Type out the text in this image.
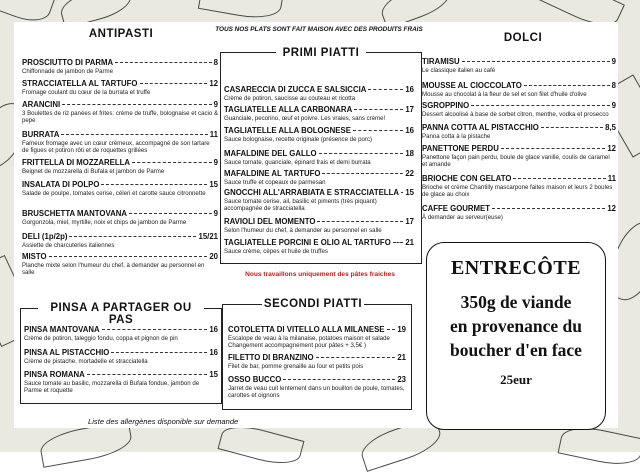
TOUS NOS PLATS SONT FAIT MAISON AVEC DES PRODUITS FRAIS
ANTIPASTI
PROSCIUTTO DI PARMA	8
Chiffonnade de jambon de Parme
STRACCIATELLA AL TARTUFO	12
Fromage coulant du cœur de la burrata et truffe
ARANCINI	9
3 Boulettes de riz panées et frites: crème de truffe, bolognaise et cacio & pepe
BURRATA	11
Fameux fromage avec un cœur crémeux, accompagné de son tartare de figues et potiron rôti et de roquettes grillées
FRITTELLA DI MOZZARELLA	9
Beignet de mozzarella di Bufala et jambon de Parme
INSALATA DI POLPO	15
Salade de poulpe, tomates cerise, céleri et carotte sauce citronnette
BRUSCHETTA MANTOVANA	9
Gorgonzola, miel, myrtille, noix et chips de jambon de Parme
DELI (1p/2p)	15/21
Assiette de charcuteries italiennes
MISTO	20
Planche mixte selon l'humeur du chef, à demander au personnel en salle
PRIMI PIATTI
CASARECCIA DI ZUCCA E SALSICCIA	16
Crème de potiron, saucisse au couteau et ricotta
TAGLIATELLE ALLA CARBONARA	17
Guanciale, pecorino, œuf et poivre. Les vraies, sans crème!
TAGLIATELLE ALLA BOLOGNESE	16
Sauce bolognaise, recette originale (présence de porc)
MAFALDINE DEL GALLO	18
Sauce tomate, guanciale, épinard frais et demi burrata
MAFALDINE AL TARTUFO	22
Sauce truffe et copeaux de parmesan
GNOCCHI ALL'ARRABIATA E STRACCIATELLA 15
Sauce tomate cerise, ail, basilic et piments (très piquant) accompagnée de stracciatella
RAVIOLI DEL MOMENTO	17
Selon l'humeur du chef, à demander au personnel en salle
TAGLIATELLE PORCINI E OLIO AL TARTUFO 21
Sauce crème, cèpes et huile de truffes
Nous travaillons uniquement des pâtes fraiches
DOLCI
TIRAMISU	9
Le classique italien au café
MOUSSE AL CIOCCOLATO	8
Mousse au chocolat à la fleur de sel et son filet d'huile d'olive
SGROPPINO	9
Dessert alcoolisé à base de sorbet citron, menthe, vodka et prosecco
PANNA COTTA AL PISTACCHIO	8,5
Panna cotta à la pistache
PANETTONE PERDU	12
Panettone façon pain perdu, boule de glace vanille, coulis de caramel et amande
BRIOCHE CON GELATO	11
Brioche et crème Chantilly mascarpone faites maison et leurs 2 boules de glace au choix
CAFFE GOURMET	12
À demander au serveur(euse)
PINSA A PARTAGER OU PAS
PINSA MANTOVANA	16
Crème de potiron, taleggio fondu, coppa et pignon de pin
PINSA AL PISTACCHIO	16
Crème de pistache, mortadelle et stracciatella
PINSA ROMANA	15
Sauce tomate au basilic, mozzarella di Bufala fondue, jambon de Parme et roquette
SECONDI PIATTI
COTOLETTA DI VITELLO ALLA MILANESE 19
Escalope de veau à la milanaise, potatoes maison et salade Changement accompagnement pour pâtes + 3,5€ )
FILETTO DI BRANZINO	21
Filet de bar, pomme grenaille au four et petits pois
OSSO BUCCO	23
Jarret de veau cuit lentement dans un bouillon de poule, tomates, carottes et oignons
Liste des allergènes disponible sur demande
ENTRECÔTE
350g de viande
en provenance du
boucher d'en face
25eur
